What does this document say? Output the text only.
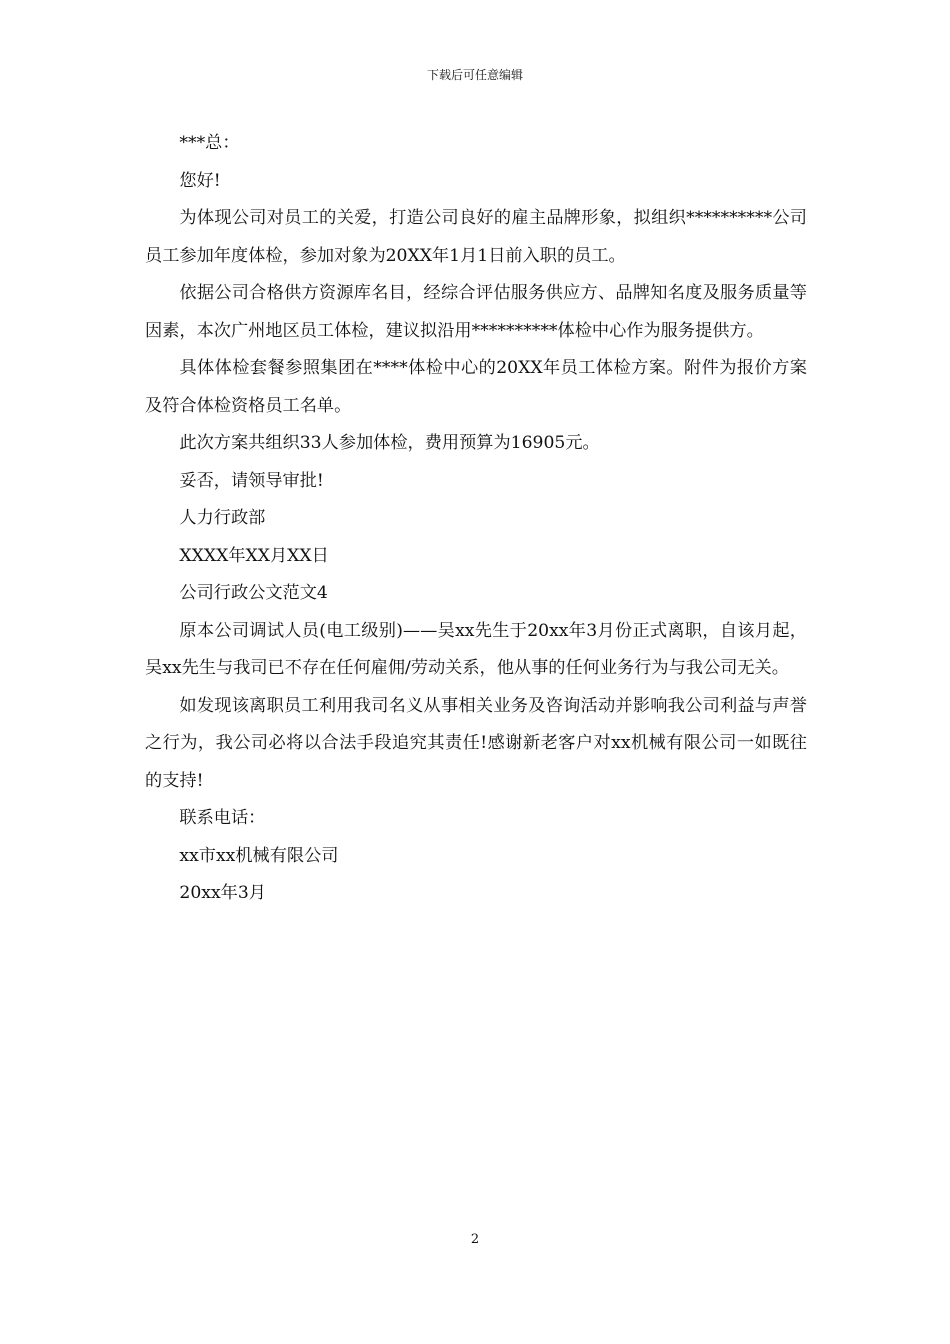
下载后可任意编辑

***总：

您好!

为体现公司对员工的关爱，打造公司良好的雇主品牌形象，拟组织**********公司员工参加年度体检，参加对象为20XX年1月1日前入职的员工。

依据公司合格供方资源库名目，经综合评估服务供应方、品牌知名度及服务质量等因素，本次广州地区员工体检，建议拟沿用**********体检中心作为服务提供方。

具体体检套餐参照集团在****体检中心的20XX年员工体检方案。附件为报价方案及符合体检资格员工名单。

此次方案共组织33人参加体检，费用预算为16905元。

妥否，请领导审批!

人力行政部

XXXX年XX月XX日

公司行政公文范文4

原本公司调试人员(电工级别)——吴xx先生于20xx年3月份正式离职，自该月起，吴xx先生与我司已不存在任何雇佣/劳动关系，他从事的任何业务行为与我公司无关。

如发现该离职员工利用我司名义从事相关业务及咨询活动并影响我公司利益与声誉之行为，我公司必将以合法手段追究其责任!感谢新老客户对xx机械有限公司一如既往的支持!

联系电话：

xx市xx机械有限公司

20xx年3月

2
